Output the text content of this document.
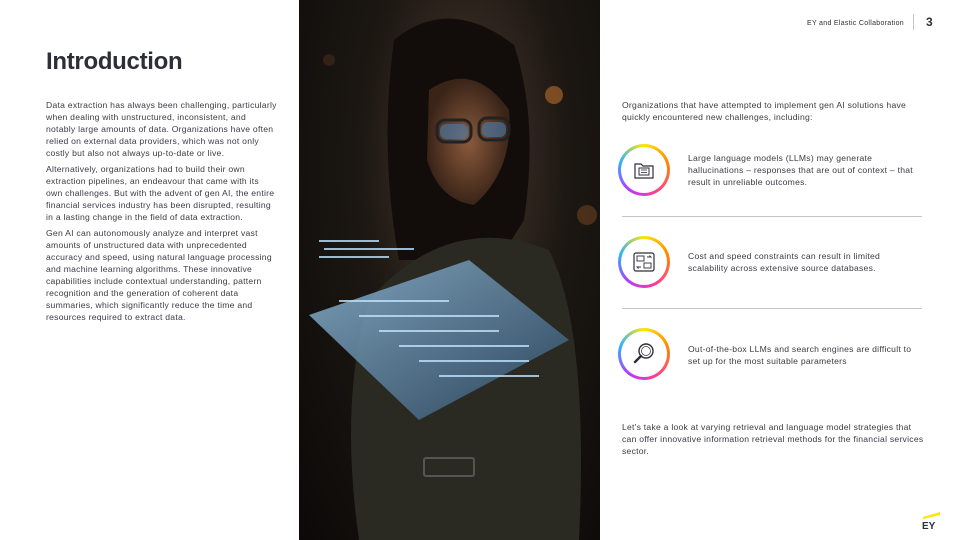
Introduction

Data extraction has always been challenging, particularly when dealing with unstructured, inconsistent, and notably large amounts of data. Organizations have often relied on external data providers, which was not only costly but also not always up-to-date or live.

Alternatively, organizations had to build their own extraction pipelines, an endeavour that came with its own challenges. But with the advent of gen AI, the entire financial services industry has been disrupted, resulting in a lasting change in the field of data extraction.

Gen AI can autonomously analyze and interpret vast amounts of unstructured data with unprecedented accuracy and speed, using natural language processing and machine learning algorithms. These innovative capabilities include contextual understanding, pattern recognition and the generation of coherent data summaries, which significantly reduce the time and resources required to extract data.

EY and Elastic Collaboration 3
Organizations that have attempted to implement gen AI solutions have quickly encountered new challenges, including:
Large language models (LLMs) may generate hallucinations – responses that are out of context – that result in unreliable outcomes.
Cost and speed constraints can result in limited scalability across extensive source databases.
Out-of-the-box LLMs and search engines are difficult to set up for the most suitable parameters
Let's take a look at varying retrieval and language model strategies that can offer innovative information retrieval methods for the financial services sector.
EY
